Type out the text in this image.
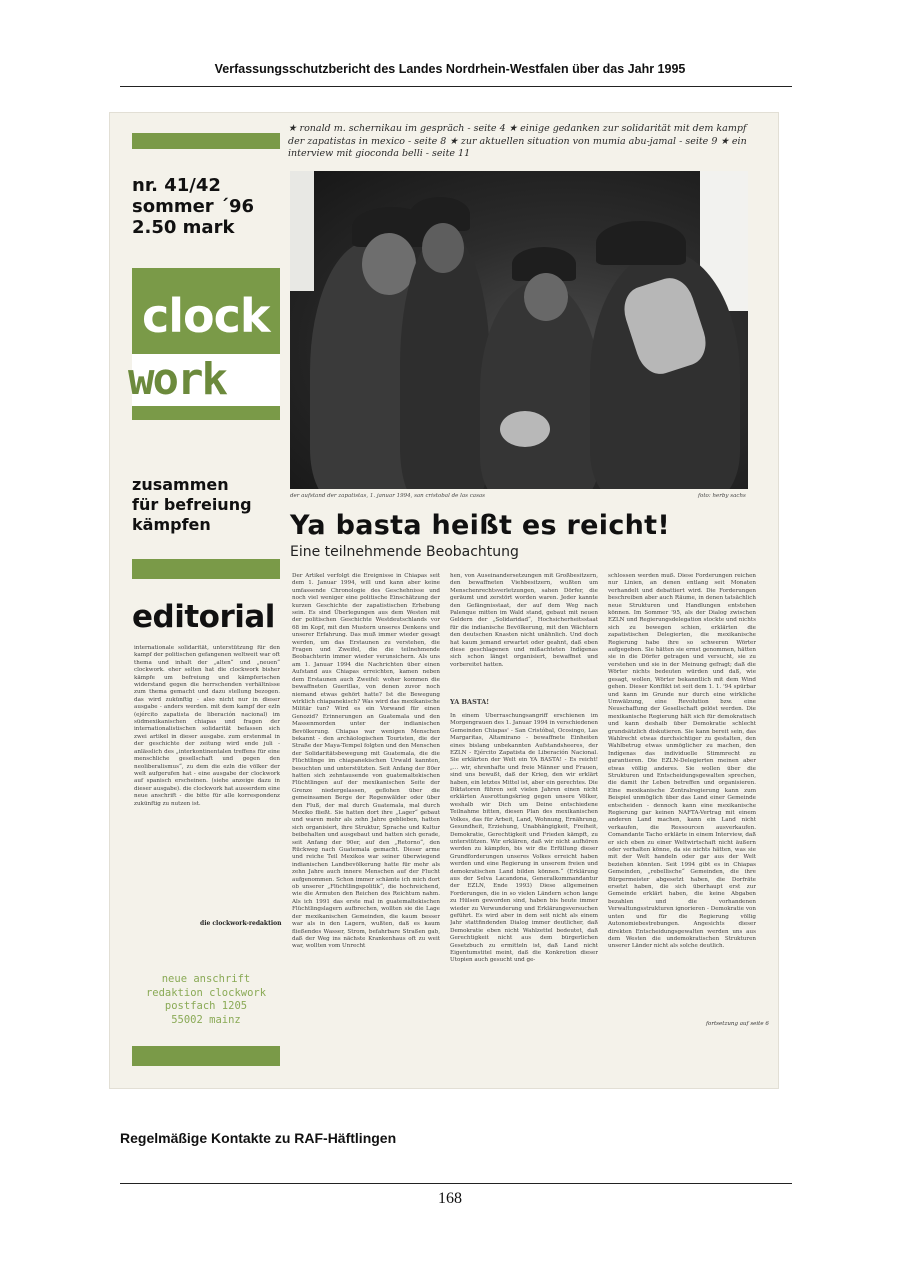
Verfassungsschutzbericht des Landes Nordrhein-Westfalen über das Jahr 1995
★ ronald m. schernikau im gespräch - seite 4 ★ einige gedanken zur solidarität mit dem kampf der zapatistas in mexico - seite 8 ★ zur aktuellen situation von mumia abu-jamal - seite 9 ★ ein interview mit gioconda belli - seite 11
nr. 41/42
sommer ´96
2.50 mark
clock
work
zusammen
für befreiung
kämpfen
editorial
internationale solidarität, unterstützung für den kampf der politischen gefangenen weltweit war oft thema und inhalt der „alten“ und „neuen“ clockwork. eher selten hat die clockwork bisher kämpfe um befreiung und kämpferischen widerstand gegen die herrschenden verhältnisse zum thema gemacht und dazu stellung bezogen. das wird zukünftig - also nicht nur in dieser ausgabe - anders werden. mit dem kampf der ezln (ejército zapatista de liberación nacional) im südmexikanischen chiapas und fragen der internationalistischen solidarität befassen sich zwei artikel in dieser ausgabe. zum erstenmal in der geschichte der zeitung wird ende juli - anlässlich des „interkontinentalen treffens für eine menschliche gesellschaft und gegen den neoliberalismus“, zu dem die ezln die völker der welt aufgerufen hat - eine ausgabe der clockwork auf spanisch erscheinen. (siehe anzeige dazu in dieser ausgabe). die clockwork hat ausserdem eine neue anschrift - die bitte für alle korrespondenz zukünftig zu nutzen ist.
die clockwork-redaktion
neue anschrift
redaktion clockwork
postfach 1205
55002 mainz
der aufstand der zapatistas, 1. januar 1994, san cristobal de las casas	foto: herby sachs
Ya basta heißt es reicht!
Eine teilnehmende Beobachtung
Der Artikel verfolgt die Ereignisse in Chiapas seit dem 1. Januar 1994, will und kann aber keine umfassende Chronologie des Geschehnisse und noch viel weniger eine politische Einschätzung der kurzen Geschichte der zapatistischen Erhebung sein. Es sind Überlegungen aus dem Westen mit der politischen Geschichte Westdeutschlands vor 68 im Kopf, mit den Mustern unseres Denkens und unserer Erfahrung. Das muß immer wieder gesagt werden, um das Erstaunen zu verstehen, die Fragen und Zweifel, die die teilnehmende Beobachterin immer wieder verunsichern. Als uns am 1. Januar 1994 die Nachrichten über einen Aufstand aus Chiapas erreichten, kamen neben dem Erstaunen auch Zweifel: woher kommen die bewaffneten Guerillas, von denen zuvor noch niemand etwas gehört hatte? Ist die Bewegung wirklich chiapanekisch? Was wird das mexikanische Militär tun? Wird es ein Vorwand für einen Genozid? Erinnerungen an Guatemala und den Massenmorden unter der indianischen Bevölkerung. Chiapas war wenigen Menschen bekannt - den archäologischen Touristen, die der Straße der Maya-Tempel folgten und den Menschen der Solidaritätsbewegung mit Guatemala, die die Flüchtlinge im chiapanekischen Urwald kannten, besuchten und unterstützten. Seit Anfang der 80er hatten sich zehntausende von guatemaltekischen Flüchtlingen auf der mexikanischen Seite der Grenze niedergelassen, geflohen über die gemeinsamen Berge der Regenwälder oder über den Fluß, der mal durch Guatemala, mal durch Mexiko fließt. Sie hatten dort ihre „Lager“ gebaut und waren mehr als zehn Jahre geblieben, hatten sich organisiert, ihre Struktur, Sprache und Kultur beibehalten und ausgebaut und hatten sich gerade, seit Anfang der 90er, auf den „Retorno“, den Rückweg nach Guatemala gemacht. Dieser arme und reiche Teil Mexikos war seiner überwiegend indianischen Landbevölkerung hatte für mehr als zehn Jahre auch innere Menschen auf der Flucht aufgenommen. Schon immer schämte ich mich dort ob unserer „Flüchtlingspolitik“, die hochreichend, wie die Armuten den Reichen des Reichtum nahm. Als ich 1991 das erste mal in guatemaltekischen Flüchtlingslagern aufbrechen, wollten sie die Lage der mexikanischen Gemeinden, die kaum besser war als in den Lagern, wußten, daß es kaum fließendes Wasser, Strom, befahrbare Straßen gab, daß der Weg ins nächste Krankenhaus oft zu weit war, wollten vom Unrecht
hen, von Auseinandersetzungen mit Großbesitzern, den bewaffneten Viehbesitzern, wußten um Menschenrechtsverletzungen, sahen Dörfer, die geräumt und zerstört worden waren. Jeder kannte den Gefängnisstaat, der auf dem Weg nach Palenque mitten im Wald stand, gebaut mit neuen Geldern der „Solidaridad“, Hochsicherheitsstaat für die indianische Bevölkerung, mit den Wächtern den deutschen Knasten nicht unähnlich. Und doch hat kaum jemand erwartet oder geahnt, daß eben diese geschlagenen und mißachteten Indígenas sich schon längst organisiert, bewaffnet und vorbereitet hatten.
YA BASTA!
In einem Überraschungsangriff erschienen im Morgengrauen des 1. Januar 1994 in verschiedenen Gemeinden Chiapas' - San Cristóbal, Ocosingo, Las Margaritas, Altamirano - bewaffnete Einheiten eines bislang unbekannten Aufstandsheeres, der EZLN - Ejército Zapatista de Liberación Nacional. Sie erklärten der Welt ein YA BASTA! - Es reicht! „... wir, ehrenhafte und freie Männer und Frauen, sind uns bewußt, daß der Krieg, den wir erklärt haben, ein letztes Mittel ist, aber ein gerechtes. Die Diktatoren führen seit vielen Jahren einen nicht erklärten Ausrottungskrieg gegen unsere Völker, weshalb wir Dich um Deine entschiedene Teilnahme bitten, diesen Plan des mexikanischen Volkes, das für Arbeit, Land, Wohnung, Ernährung, Gesundheit, Erziehung, Unabhängigkeit, Freiheit, Demokratie, Gerechtigkeit und Frieden kämpft, zu unterstützen. Wir erklären, daß wir nicht aufhören werden zu kämpfen, bis wir die Erfüllung dieser Grundforderungen unseres Volkes erreicht haben werden und eine Regierung in unserem freien und demokratischen Land bilden können.“ (Erklärung aus der Selva Lacandona, Generalkommandantur der EZLN, Ende 1993) Diese allgemeinen Forderungen, die in so vielen Ländern schon lange zu Hülsen geworden sind, haben bis heute immer wieder zu Verwunderung und Erklärungsversuchen geführt. Es wird aber in dem seit nicht als einem Jahr stattfindenden Dialog immer deutlicher, daß Demokratie eben nicht Wahlzettel bedeutet, daß Gerechtigkeit nicht aus dem bürgerlichen Gesetzbuch zu ermitteln ist, daß Land nicht Eigentumstitel meint, daß die Konkretion dieser Utopien auch gesucht und ge-
schlossen werden muß. Diese Forderungen reichen nur Linien, an denen entlang seit Monaten verhandelt und debattiert wird. Die Forderungen beschreiben aber auch Räume, in denen tatsächlich neue Strukturen und Handlungen entstehen können. Im Sommer '95, als der Dialog zwischen EZLN und Regierungsdelegation stockte und nichts sich zu bewegen schien, erklärten die zapatistischen Delegierten, die mexikanische Regierung habe ihre so schweren Wörter aufgegeben. Sie hätten sie ernst genommen, hätten sie in die Dörfer getragen und versucht, sie zu verstehen und sie in der Meinung gefragt; daß die Wörter nichts bedeuten würden und daß, wie gesagt, wollen, Wörter bekanntlich mit dem Wind gehen. Dieser Konflikt ist seit dem 1. 1. '94 spürbar und kann im Grunde nur durch eine wirkliche Umwälzung, eine Revolution bzw. eine Neuschaffung der Gesellschaft gelöst werden. Die mexikanische Regierung hält sich für demokratisch und kann deshalb über Demokratie schlecht grundsätzlich diskutieren. Sie kann bereit sein, das Wahlrecht etwas durchsichtiger zu gestalten, den Wahlbetrug etwas unmöglicher zu machen, den Indígenas das individuelle Stimmrecht zu garantieren. Die EZLN-Delegierten meinen aber etwas völlig anderes. Sie wollen über die Strukturen und Entscheidungsgewalten sprechen, die damit ihr Leben betreffen und organisieren. Eine mexikanische Zentralregierung kann zum Beispiel unmöglich über das Land einer Gemeinde entscheiden - dennoch kann eine mexikanische Regierung gar keinen NAFTA-Vertrag mit einem anderen Land machen, kann ein Land nicht verkaufen, die Ressourcen ausverkaufen. Comandante Tacho erklärte in einem Interview, daß er sich eben zu einer Weltwirtschaft nicht äußern oder verhalten könne, da sie nichts hätten, was sie mit der Welt handeln oder gar aus der Welt beziehen könnten. Seit 1994 gibt es in Chiapas Gemeinden, „rebellische“ Gemeinden, die ihre Bürgermeister abgesetzt haben, die Dorfräte ersetzt haben, die sich überhaupt erst zur Gemeinde erklärt haben, die keine Abgaben bezahlen und die vorhandenen Verwaltungsstrukturen ignorieren - Demokratie von unten und für die Regierung völlig Autonomiebestrebungen. Angesichts dieser direkten Entscheidungsgewalten werden uns aus dem Westen die undemokratischen Strukturen unserer Länder nicht als solche deutlich.
fortsetzung auf seite 6
Regelmäßige Kontakte zu RAF-Häftlingen
168
